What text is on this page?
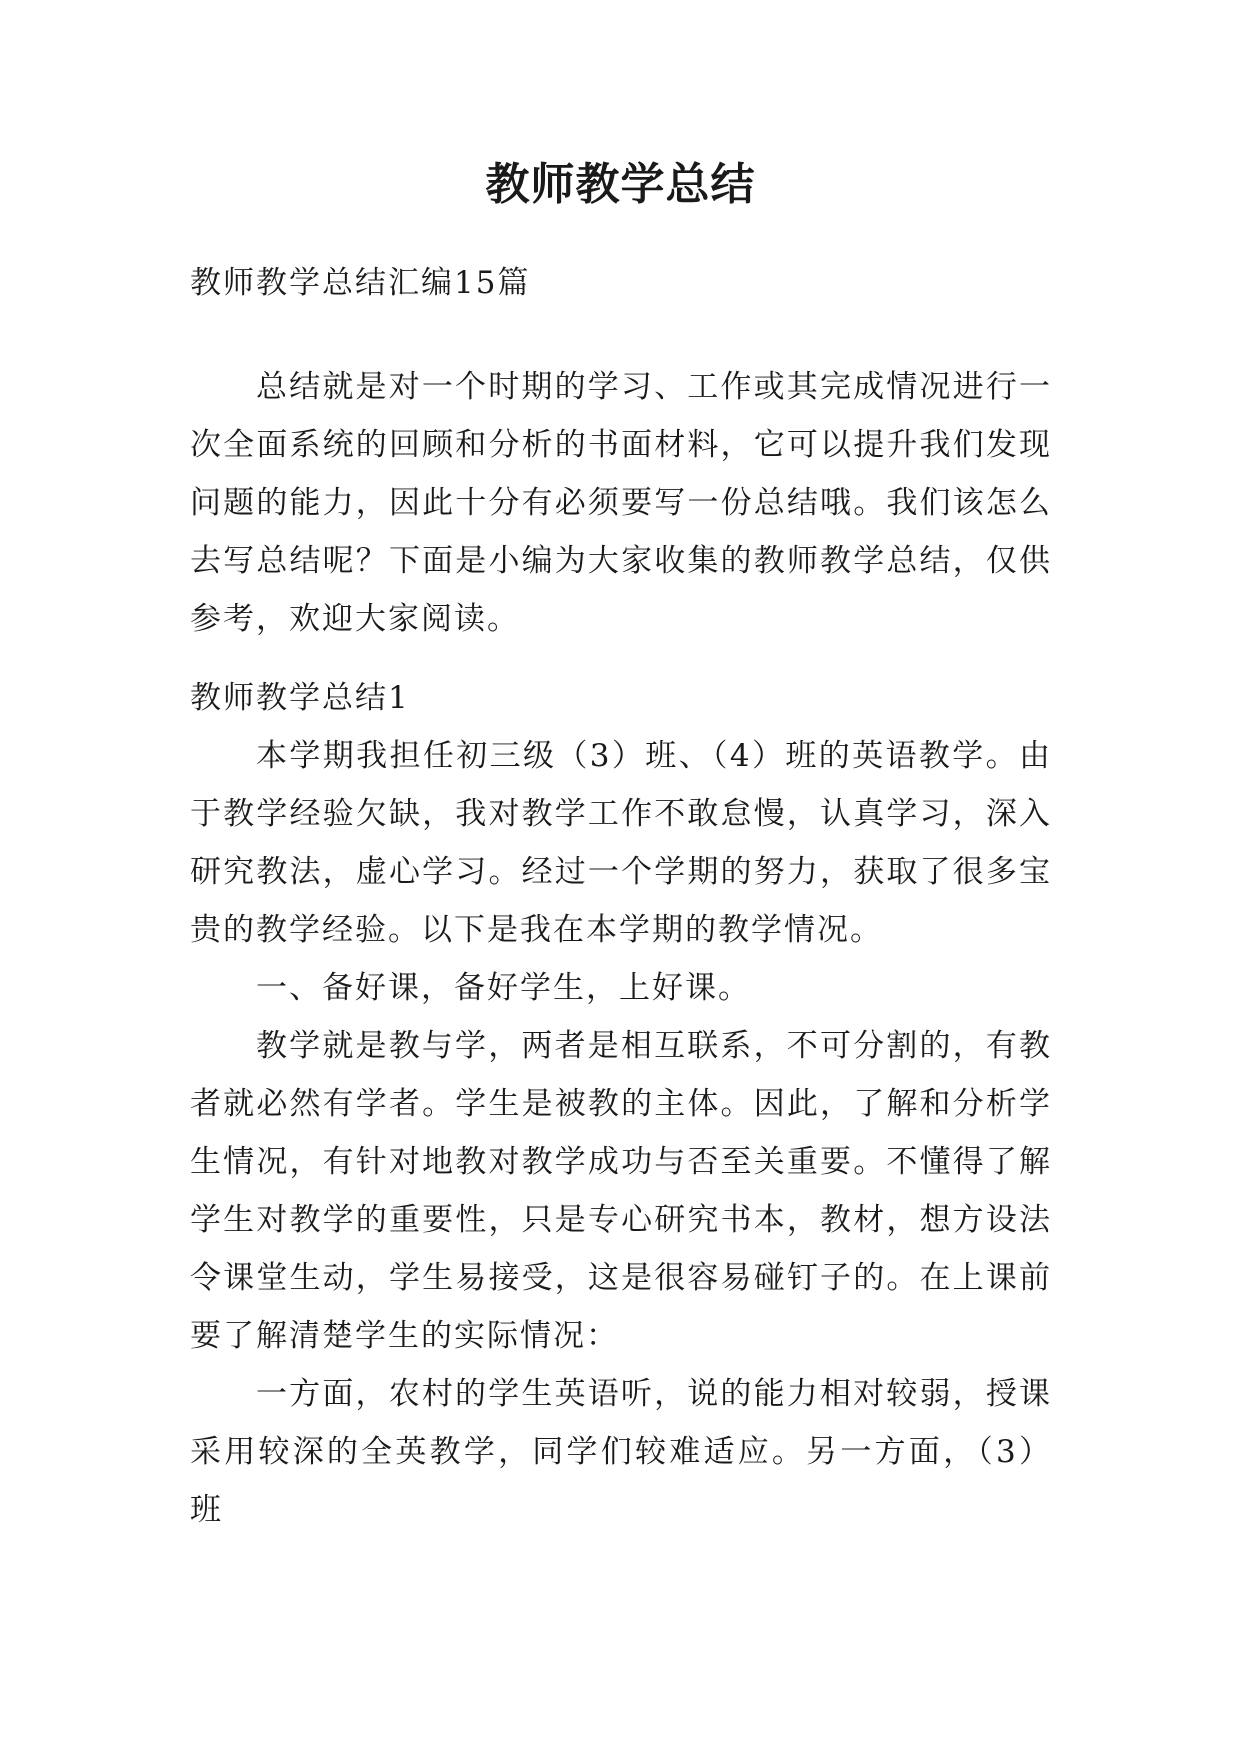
教师教学总结

教师教学总结汇编15篇

总结就是对一个时期的学习、工作或其完成情况进行一次全面系统的回顾和分析的书面材料，它可以提升我们发现问题的能力，因此十分有必须要写一份总结哦。我们该怎么去写总结呢？下面是小编为大家收集的教师教学总结，仅供参考，欢迎大家阅读。

教师教学总结1

本学期我担任初三级（3）班、（4）班的英语教学。由于教学经验欠缺，我对教学工作不敢怠慢，认真学习，深入研究教法，虚心学习。经过一个学期的努力，获取了很多宝贵的教学经验。以下是我在本学期的教学情况。

一、备好课，备好学生，上好课。

教学就是教与学，两者是相互联系，不可分割的，有教者就必然有学者。学生是被教的主体。因此，了解和分析学生情况，有针对地教对教学成功与否至关重要。不懂得了解学生对教学的重要性，只是专心研究书本，教材，想方设法令课堂生动，学生易接受，这是很容易碰钉子的。在上课前要了解清楚学生的实际情况：

一方面，农村的学生英语听，说的能力相对较弱，授课采用较深的全英教学，同学们较难适应。另一方面，（3）班
